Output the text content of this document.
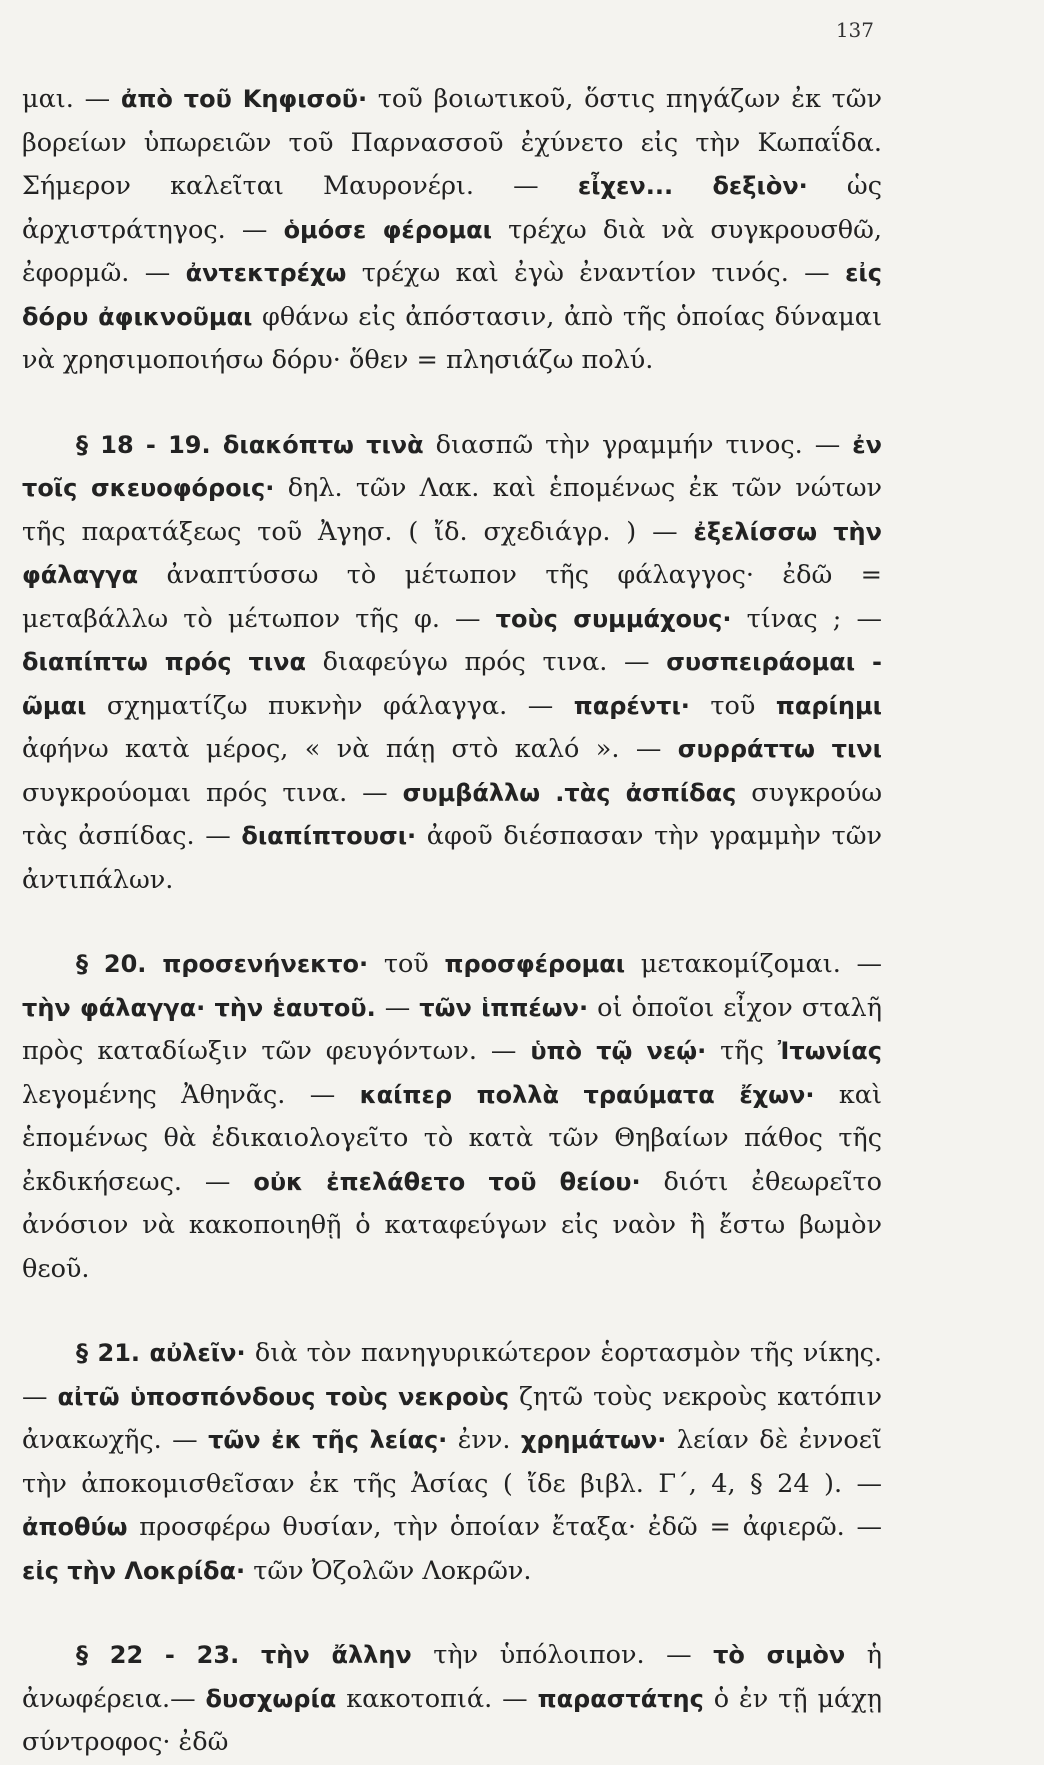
137

μαι. — ἀπὸ τοῦ Κηφισοῦ· τοῦ βοιωτικοῦ, ὅστις πηγάζων ἐκ τῶν βορείων ὑπωρειῶν τοῦ Παρνασσοῦ ἐχύνετο εἰς τὴν Κωπαΐδα. Σήμερον καλεῖται Μαυρονέρι. — εἶχεν... δεξιὸν· ὡς ἀρχιστράτηγος. — ὁμόσε φέρομαι τρέχω διὰ νὰ συγκρουσθῶ, ἐφορμῶ. — ἀντεκτρέχω τρέχω καὶ ἐγὼ ἐναντίον τινός. — εἰς δόρυ ἀφικνοῦμαι φθάνω εἰς ἀπόστασιν, ἀπὸ τῆς ὁποίας δύναμαι νὰ χρησιμοποιήσω δόρυ· ὅθεν = πλησιάζω πολύ.

§ 18 - 19. διακόπτω τινὰ διασπῶ τὴν γραμμήν τινος. — ἐν τοῖς σκευοφόροις· δηλ. τῶν Λακ. καὶ ἑπομένως ἐκ τῶν νώτων τῆς παρατάξεως τοῦ Ἀγησ. ( ἴδ. σχεδιάγρ. ) — ἐξελίσσω τὴν φάλαγγα ἀναπτύσσω τὸ μέτωπον τῆς φάλαγγος· ἐδῶ = μεταβάλλω τὸ μέτωπον τῆς φ. — τοὺς συμμάχους· τίνας ; — διαπίπτω πρός τινα διαφεύγω πρός τινα. — συσπειράομαι - ῶμαι σχηματίζω πυκνὴν φάλαγγα. — παρέντι· τοῦ παρίημι ἀφήνω κατὰ μέρος, « νὰ πάῃ στὸ καλό ». — συρράττω τινι συγκρούομαι πρός τινα. — συμβάλλω .τὰς ἀσπίδας συγκρούω τὰς ἀσπίδας. — διαπίπτουσι· ἀφοῦ διέσπασαν τὴν γραμμὴν τῶν ἀντιπάλων.

§ 20. προσενήνεκτο· τοῦ προσφέρομαι μετακομίζομαι. — τὴν φάλαγγα· τὴν ἑαυτοῦ. — τῶν ἱππέων· οἱ ὁποῖοι εἶχον σταλῆ πρὸς καταδίωξιν τῶν φευγόντων. — ὑπὸ τῷ νεῴ· τῆς Ἰτωνίας λεγομένης Ἀθηνᾶς. — καίπερ πολλὰ τραύματα ἔχων· καὶ ἑπομένως θὰ ἐδικαιολογεῖτο τὸ κατὰ τῶν Θηβαίων πάθος τῆς ἐκδικήσεως. — οὐκ ἐπελάθετο τοῦ θείου· διότι ἐθεωρεῖτο ἀνόσιον νὰ κακοποιηθῇ ὁ καταφεύγων εἰς ναὸν ἢ ἔστω βωμὸν θεοῦ.

§ 21. αὐλεῖν· διὰ τὸν πανηγυρικώτερον ἑορτασμὸν τῆς νίκης.— αἰτῶ ὑποσπόνδους τοὺς νεκροὺς ζητῶ τοὺς νεκροὺς κατόπιν ἀνακωχῆς. — τῶν ἐκ τῆς λείας· ἐνν. χρημάτων· λείαν δὲ ἐννοεῖ τὴν ἀποκομισθεῖσαν ἐκ τῆς Ἀσίας ( ἴδε βιβλ. Γ΄, 4, § 24 ). — ἀποθύω προσφέρω θυσίαν, τὴν ὁποίαν ἔταξα· ἐδῶ = ἀφιερῶ. — εἰς τὴν Λοκρίδα· τῶν Ὀζολῶν Λοκρῶν.

§ 22 - 23. τὴν ἄλλην τὴν ὑπόλοιπον. — τὸ σιμὸν ἡ ἀνωφέρεια.— δυσχωρία κακοτοπιά. — παραστάτης ὁ ἐν τῇ μάχῃ σύντροφος· ἐδῶ
